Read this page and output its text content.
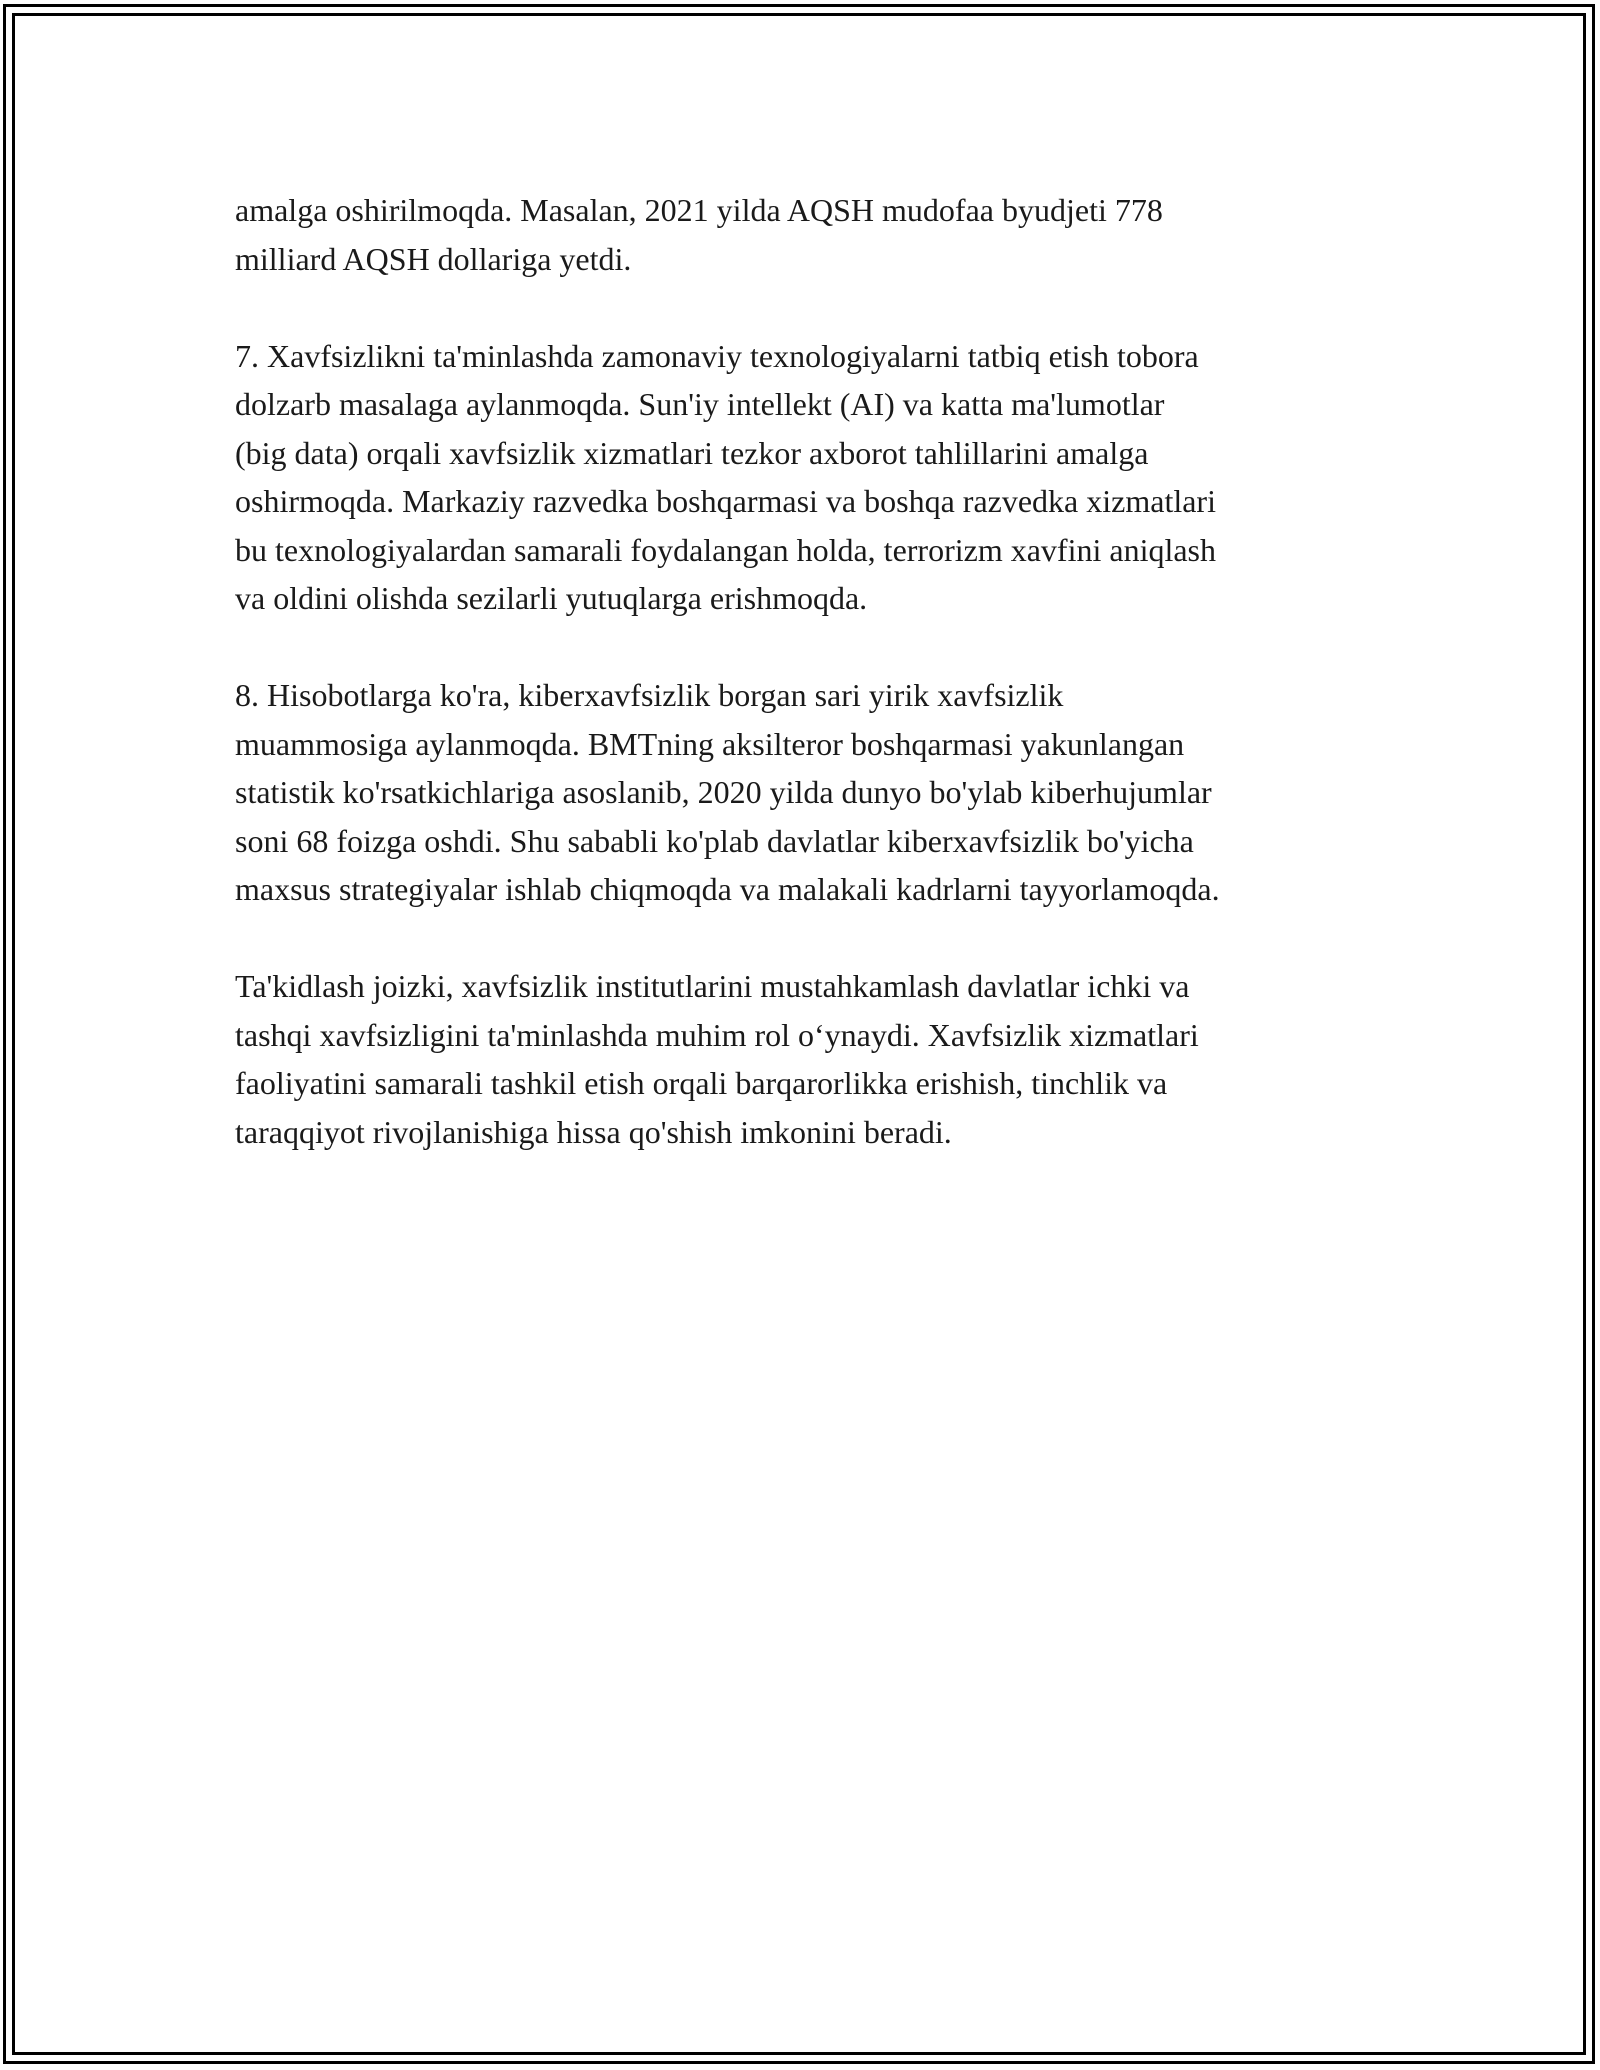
amalga oshirilmoqda. Masalan, 2021 yilda AQSH mudofaa byudjeti 778
milliard AQSH dollariga yetdi.

7. Xavfsizlikni ta'minlashda zamonaviy texnologiyalarni tatbiq etish tobora
dolzarb masalaga aylanmoqda. Sun'iy intellekt (AI) va katta ma'lumotlar
(big data) orqali xavfsizlik xizmatlari tezkor axborot tahlillarini amalga
oshirmoqda. Markaziy razvedka boshqarmasi va boshqa razvedka xizmatlari
bu texnologiyalardan samarali foydalangan holda, terrorizm xavfini aniqlash
va oldini olishda sezilarli yutuqlarga erishmoqda.

8. Hisobotlarga ko'ra, kiberxavfsizlik borgan sari yirik xavfsizlik
muammosiga aylanmoqda. BMTning aksilteror boshqarmasi yakunlangan
statistik ko'rsatkichlariga asoslanib, 2020 yilda dunyo bo'ylab kiberhujumlar
soni 68 foizga oshdi. Shu sababli ko'plab davlatlar kiberxavfsizlik bo'yicha
maxsus strategiyalar ishlab chiqmoqda va malakali kadrlarni tayyorlamoqda.

Ta'kidlash joizki, xavfsizlik institutlarini mustahkamlash davlatlar ichki va
tashqi xavfsizligini ta'minlashda muhim rol o‘ynaydi. Xavfsizlik xizmatlari
faoliyatini samarali tashkil etish orqali barqarorlikka erishish, tinchlik va
taraqqiyot rivojlanishiga hissa qo'shish imkonini beradi.
